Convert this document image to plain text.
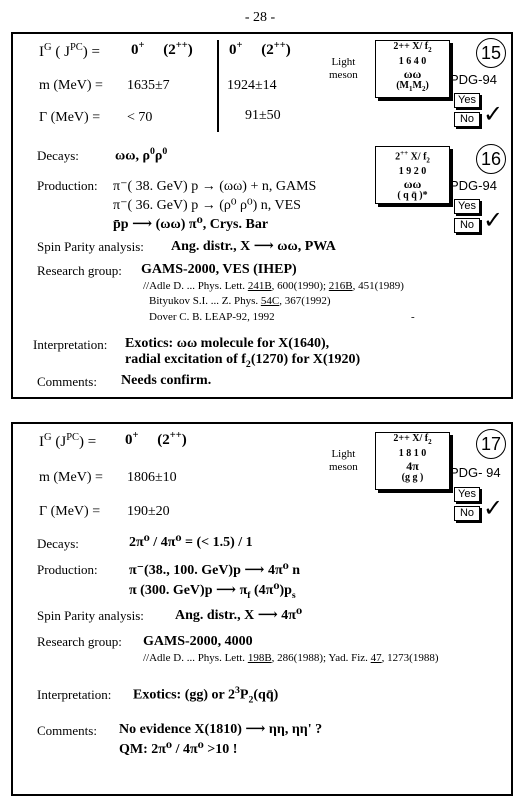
- 28 -
$I^G$ ( $J^{PC}) = 0^+$ (2++) 0+ (2++)
m (MeV) = 1635±7	1924±14
Γ (MeV) = < 70	91±50
Light
meson
2++ X/ $f_2$
1 6 4 0
ωω
$(M_1M_2)$
15
PDG-94
Yes
No ✓
Decays:	ωω, $\rho^0\rho^0$	2++ X/ $f_2$
1 9 2 0
ωω
( q q̄ )*
16
PDG-94
Yes
No ✓
Production: π⁻( 38. GeV) p → (ωω) + n, GAMS
π⁻( 36. GeV) p → (ρ⁰ ρ⁰) n, VES
p̄p ⟶ (ωω) π⁰, Crys. Bar
Spin Parity analysis: Ang. distr., X ⟶ ωω, PWA
Research group: GAMS-2000, VES (IHEP)
//Adle D. ... Phys. Lett. 241B, 600(1990); 216B, 451(1989)
Bityukov S.I. ... Z. Phys. 54C, 367(1992)
Dover C. B. LEAP-92, 1992	-
Interpretation: Exotics: ωω molecule for X(1640),
radial excitation of $f_2(1270)$ for X(1920)
Comments: Needs confirm.
$I^G$ $(J^{PC}) = 0^+$ (2++)
m (MeV) = 1806±10
Γ (MeV) = 190±20
Light
meson
2++ X/ $f_2$
1 8 1 0
4π
(g g )
17
PDG- 94
Yes
No ✓
Decays:	2π⁰ / 4π⁰ = (< 1.5) / 1
Production: π⁻(38., 100. GeV)p ⟶ 4π⁰ n
π (300. GeV)p ⟶ $\pi_f$ $(4\pi^0)p_s$
Spin Parity analysis: Ang. distr., X ⟶ 4π⁰
Research group: GAMS-2000, 4000
//Adle D. ... Phys. Lett. 198B, 286(1988); Yad. Fiz. 47, 1273(1988)
Interpretation: Exotics: (gg) or $2^3P_2(qq̄)$
Comments: No evidence X(1810) ⟶ ηη, ηη' ?
QM: 2π⁰ / 4π⁰ >10 !
